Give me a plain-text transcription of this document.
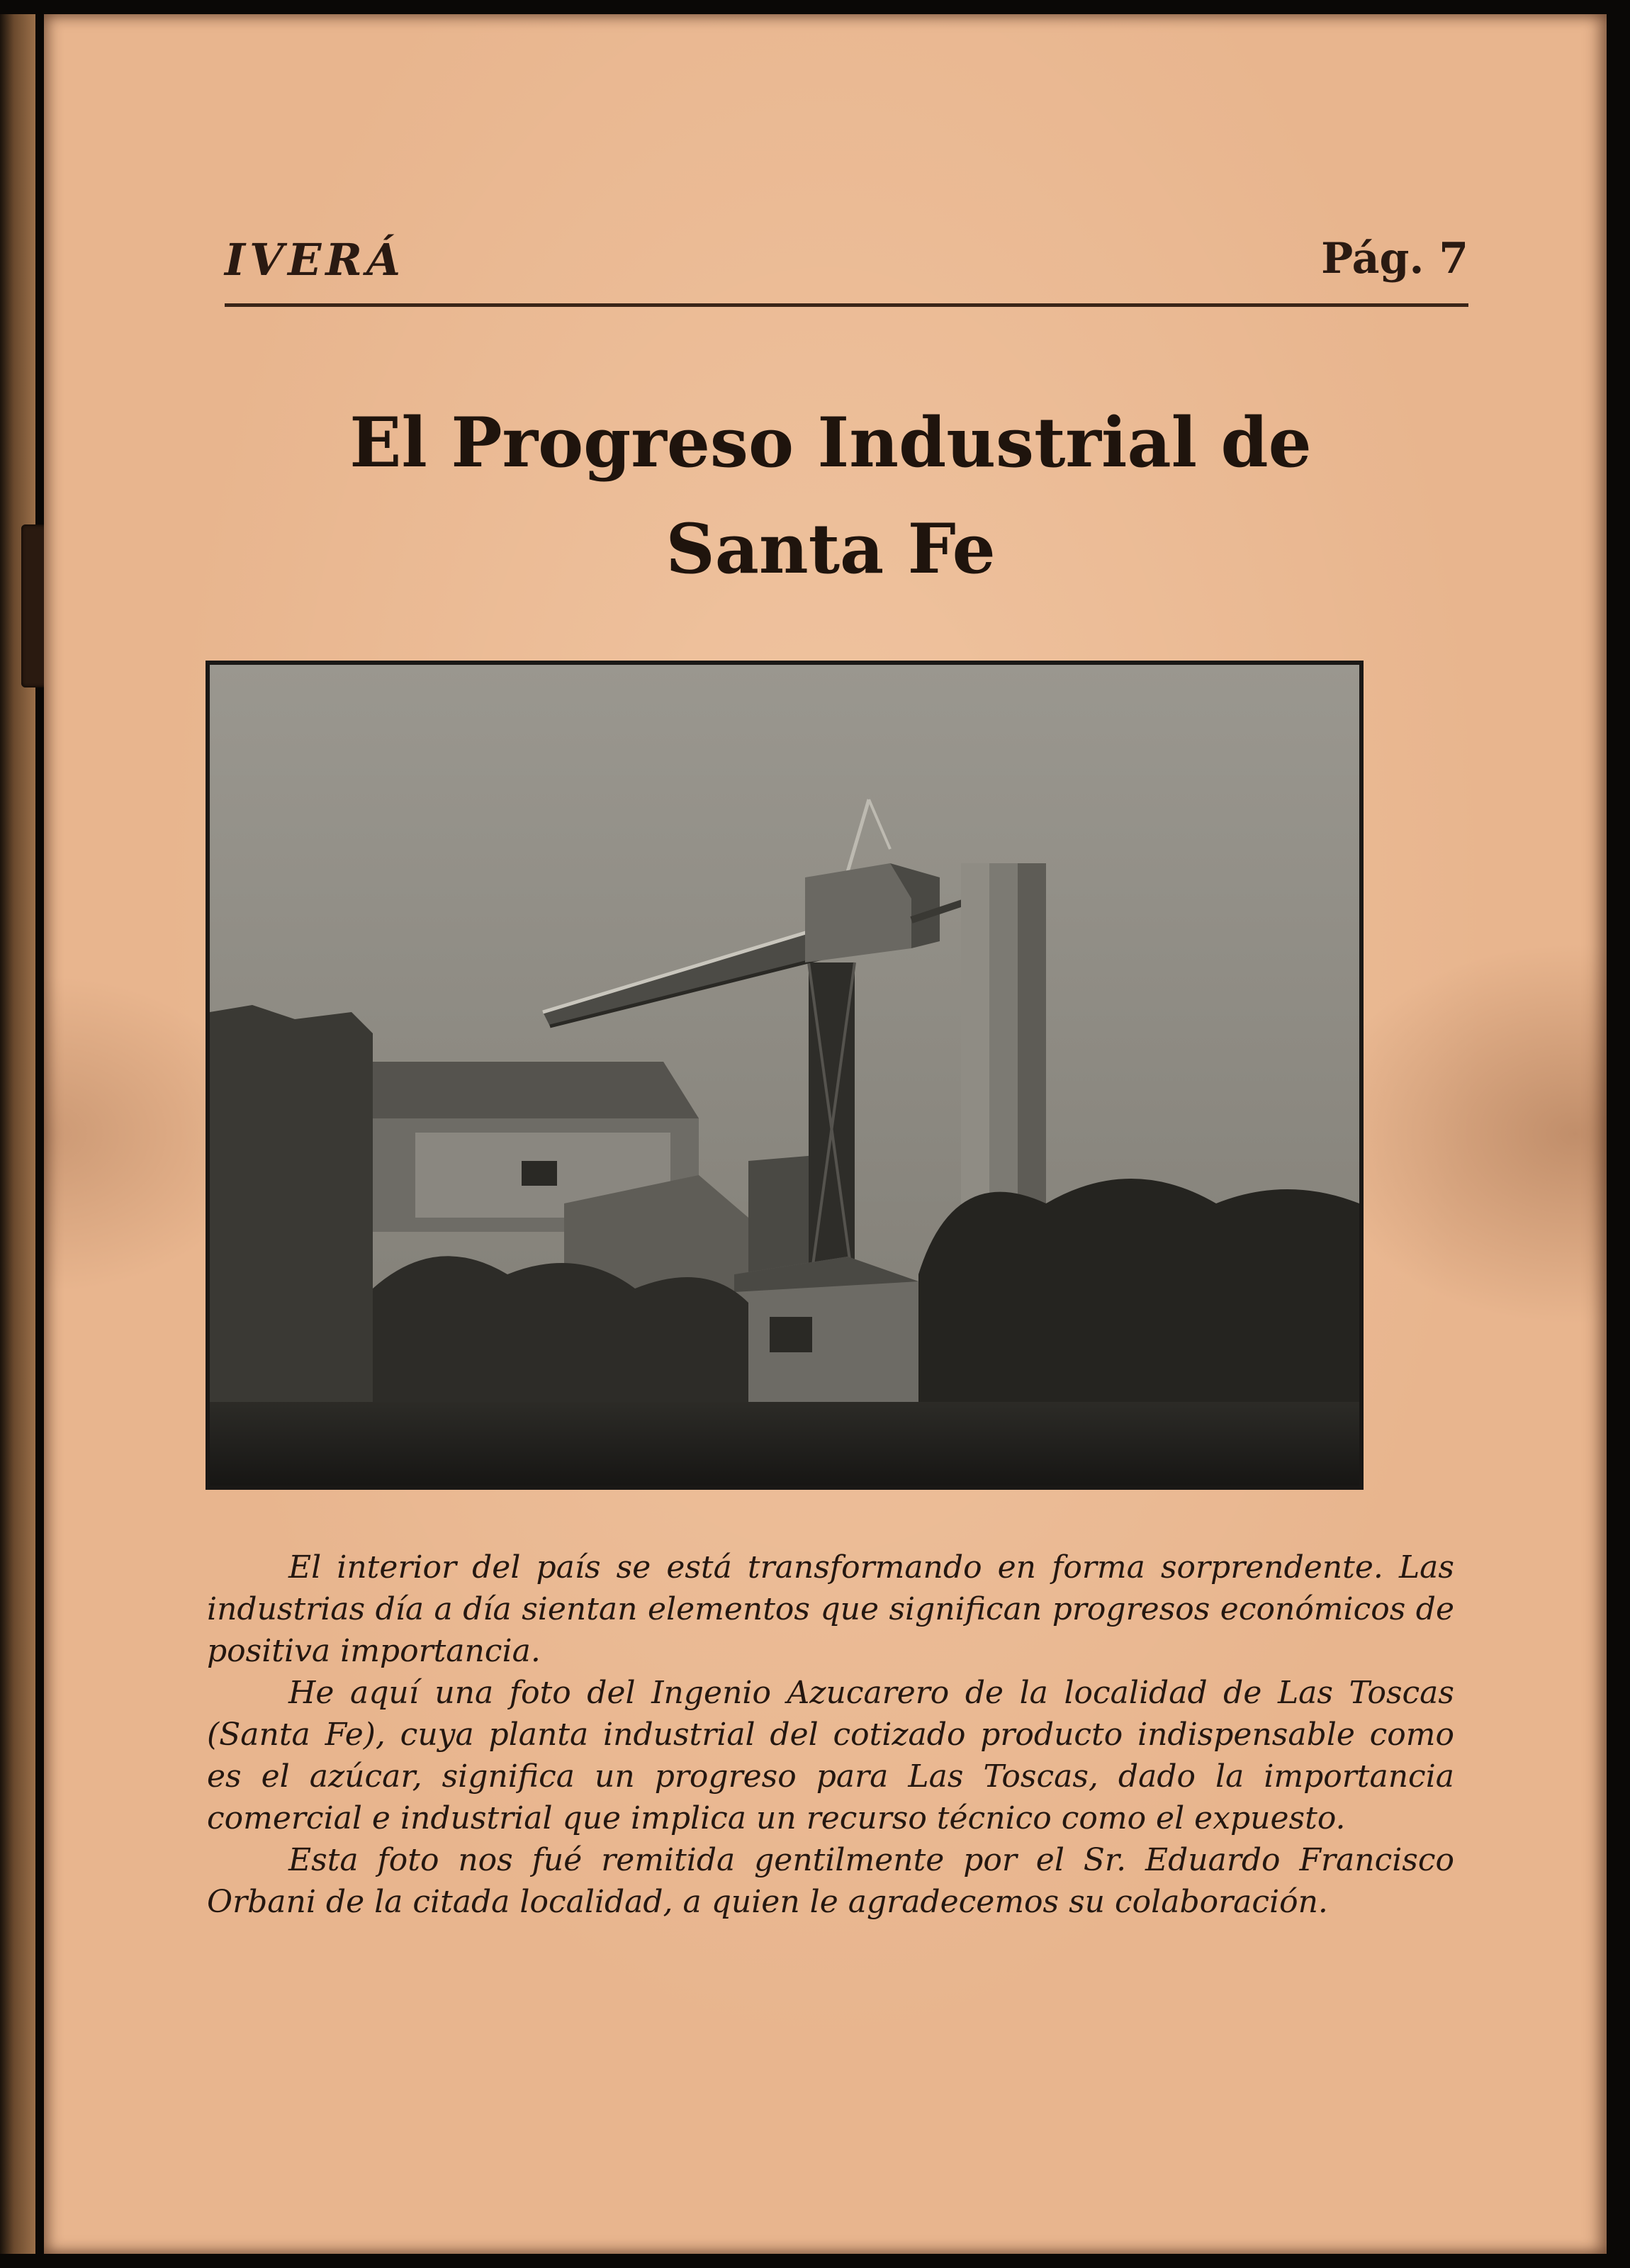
IVERÁ	Pág. 7
El Progreso Industrial de
Santa Fe

El interior del país se está transformando en forma sorprendente. Las industrias día a día sientan elementos que significan progresos económicos de positiva importancia.

He aquí una foto del Ingenio Azucarero de la localidad de Las Toscas (Santa Fe), cuya planta industrial del cotizado producto indispensable como es el azúcar, significa un progreso para Las Toscas, dado la importancia comercial e industrial que implica un recurso técnico como el expuesto.

Esta foto nos fué remitida gentilmente por el Sr. Eduardo Francisco Orbani de la citada localidad, a quien le agradecemos su colaboración.
